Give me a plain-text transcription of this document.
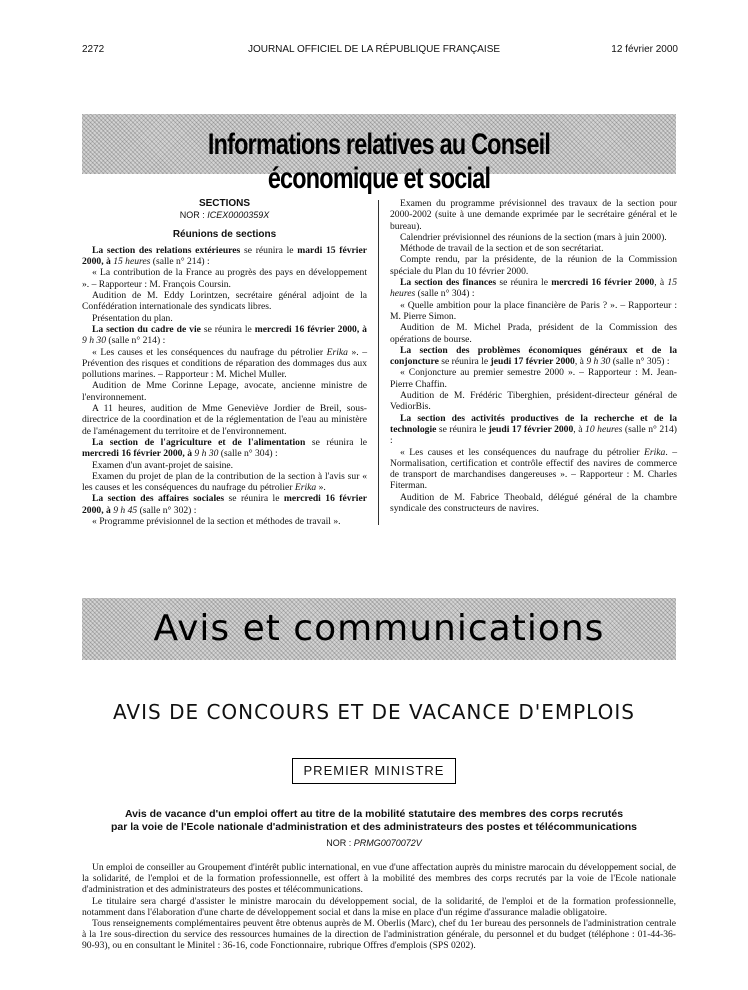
2272	JOURNAL OFFICIEL DE LA RÉPUBLIQUE FRANÇAISE	12 février 2000
Informations relatives au Conseil économique et social

SECTIONS

NOR : ICEX0000359X

Réunions de sections

La section des relations extérieures se réunira le mardi 15 février 2000, à 15 heures (salle n° 214) :

« La contribution de la France au progrès des pays en développement ». – Rapporteur : M. François Coursin.

Audition de M. Eddy Lorintzen, secrétaire général adjoint de la Confédération internationale des syndicats libres.

Présentation du plan.

La section du cadre de vie se réunira le mercredi 16 février 2000, à 9 h 30 (salle n° 214) :

« Les causes et les conséquences du naufrage du pétrolier Erika ». – Prévention des risques et conditions de réparation des dommages dus aux pollutions marines. – Rapporteur : M. Michel Muller.

Audition de Mme Corinne Lepage, avocate, ancienne ministre de l'environnement.

A 11 heures, audition de Mme Geneviève Jordier de Breil, sous-directrice de la coordination et de la réglementation de l'eau au ministère de l'aménagement du territoire et de l'environnement.

La section de l'agriculture et de l'alimentation se réunira le mercredi 16 février 2000, à 9 h 30 (salle n° 304) :

Examen d'un avant-projet de saisine.

Examen du projet de plan de la contribution de la section à l'avis sur « les causes et les conséquences du naufrage du pétrolier Erika ».

La section des affaires sociales se réunira le mercredi 16 février 2000, à 9 h 45 (salle n° 302) :

« Programme prévisionnel de la section et méthodes de travail ».

Examen du programme prévisionnel des travaux de la section pour 2000-2002 (suite à une demande exprimée par le secrétaire général et le bureau).

Calendrier prévisionnel des réunions de la section (mars à juin 2000).

Méthode de travail de la section et de son secrétariat.

Compte rendu, par la présidente, de la réunion de la Commission spéciale du Plan du 10 février 2000.

La section des finances se réunira le mercredi 16 février 2000, à 15 heures (salle n° 304) :

« Quelle ambition pour la place financière de Paris ? ». – Rapporteur : M. Pierre Simon.

Audition de M. Michel Prada, président de la Commission des opérations de bourse.

La section des problèmes économiques généraux et de la conjoncture se réunira le jeudi 17 février 2000, à 9 h 30 (salle n° 305) :

« Conjoncture au premier semestre 2000 ». – Rapporteur : M. Jean-Pierre Chaffin.

Audition de M. Frédéric Tiberghien, président-directeur général de VediorBis.

La section des activités productives de la recherche et de la technologie se réunira le jeudi 17 février 2000, à 10 heures (salle n° 214) :

« Les causes et les conséquences du naufrage du pétrolier Erika. – Normalisation, certification et contrôle effectif des navires de commerce de transport de marchandises dangereuses ». – Rapporteur : M. Charles Fiterman.

Audition de M. Fabrice Theobald, délégué général de la chambre syndicale des constructeurs de navires.

Avis et communications
AVIS DE CONCOURS ET DE VACANCE D'EMPLOIS
PREMIER MINISTRE
Avis de vacance d'un emploi offert au titre de la mobilité statutaire des membres des corps recrutés
par la voie de l'Ecole nationale d'administration et des administrateurs des postes et télécommunications
NOR : PRMG0070072V

Un emploi de conseiller au Groupement d'intérêt public international, en vue d'une affectation auprès du ministre marocain du développement social, de la solidarité, de l'emploi et de la formation professionnelle, est offert à la mobilité des membres des corps recrutés par la voie de l'Ecole nationale d'administration et des administrateurs des postes et télécommunications.

Le titulaire sera chargé d'assister le ministre marocain du développement social, de la solidarité, de l'emploi et de la formation professionnelle, notamment dans l'élaboration d'une charte de développement social et dans la mise en place d'un régime d'assurance maladie obligatoire.

Tous renseignements complémentaires peuvent être obtenus auprès de M. Oberlis (Marc), chef du 1er bureau des personnels de l'administration centrale à la 1re sous-direction du service des ressources humaines de la direction de l'administration générale, du personnel et du budget (téléphone : 01-44-36-90-93), ou en consultant le Minitel : 36-16, code Fonctionnaire, rubrique Offres d'emplois (SPS 0202).
